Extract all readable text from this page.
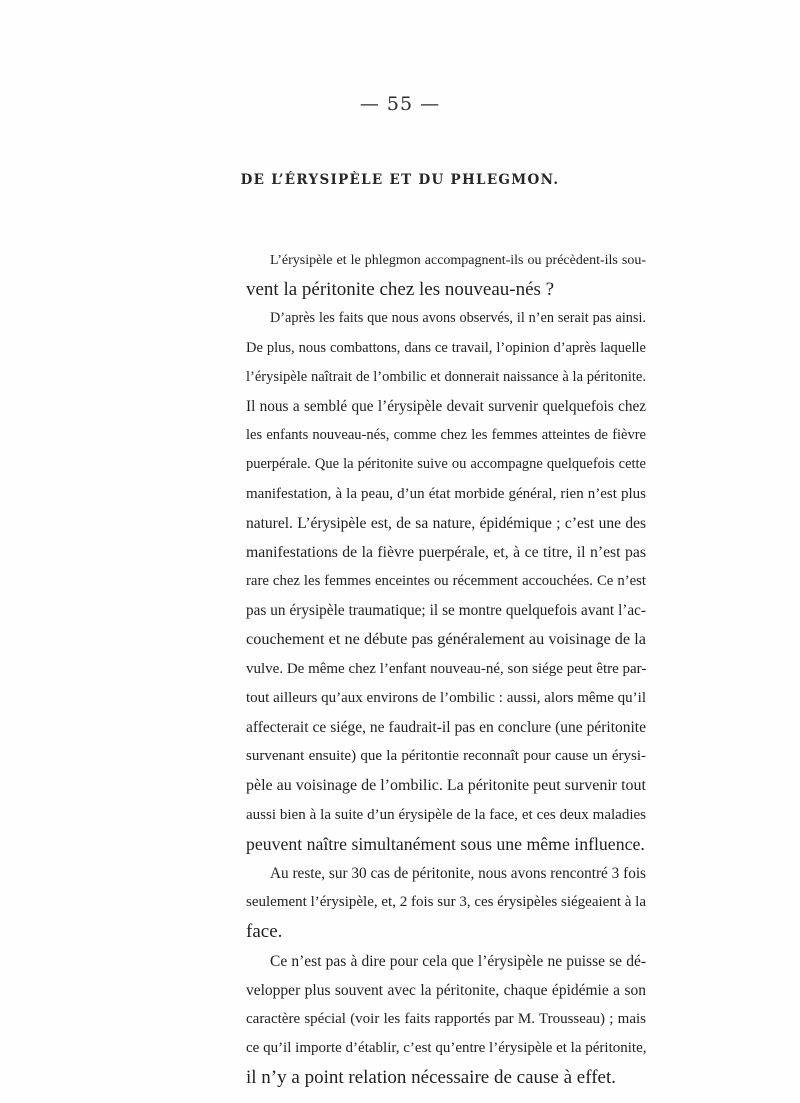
— 55 —
DE L’ÉRYSIPÈLE ET DU PHLEGMON.
L’érysipèle et le phlegmon accompagnent-ils ou précèdent-ils sou-
vent la péritonite chez les nouveau-nés ?
D’après les faits que nous avons observés, il n’en serait pas ainsi.
De plus, nous combattons, dans ce travail, l’opinion d’après laquelle
l’érysipèle naîtrait de l’ombilic et donnerait naissance à la péritonite.
Il nous a semblé que l’érysipèle devait survenir quelquefois chez
les enfants nouveau-nés, comme chez les femmes atteintes de fièvre
puerpérale. Que la péritonite suive ou accompagne quelquefois cette
manifestation, à la peau, d’un état morbide général, rien n’est plus
naturel. L’érysipèle est, de sa nature, épidémique ; c’est une des
manifestations de la fièvre puerpérale, et, à ce titre, il n’est pas
rare chez les femmes enceintes ou récemment accouchées. Ce n’est
pas un érysipèle traumatique; il se montre quelquefois avant l’ac-
couchement et ne débute pas généralement au voisinage de la
vulve. De même chez l’enfant nouveau-né, son siége peut être par-
tout ailleurs qu’aux environs de l’ombilic : aussi, alors même qu’il
affecterait ce siége, ne faudrait-il pas en conclure (une péritonite
survenant ensuite) que la péritontie reconnaît pour cause un érysi-
pèle au voisinage de l’ombilic. La péritonite peut survenir tout
aussi bien à la suite d’un érysipèle de la face, et ces deux maladies
peuvent naître simultanément sous une même influence.
Au reste, sur 30 cas de péritonite, nous avons rencontré 3 fois
seulement l’érysipèle, et, 2 fois sur 3, ces érysipèles siégeaient à la
face.
Ce n’est pas à dire pour cela que l’érysipèle ne puisse se dé-
velopper plus souvent avec la péritonite, chaque épidémie a son
caractère spécial (voir les faits rapportés par M. Trousseau) ; mais
ce qu’il importe d’établir, c’est qu’entre l’érysipèle et la péritonite,
il n’y a point relation nécessaire de cause à effet.
